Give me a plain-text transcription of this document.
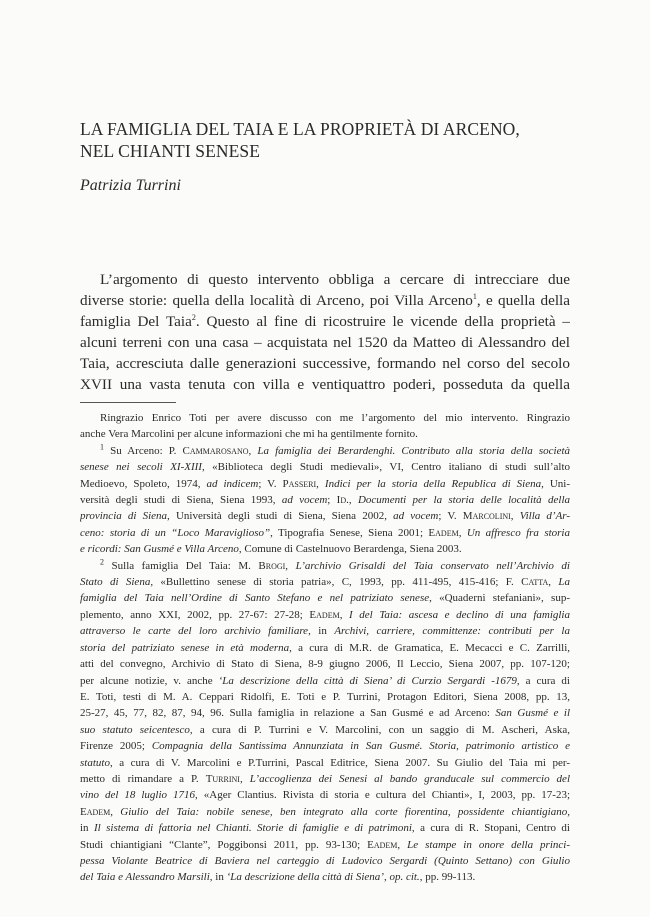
LA FAMIGLIA DEL TAIA E LA PROPRIETÀ DI ARCENO,
NEL CHIANTI SENESE
Patrizia Turrini
L’argomento di questo intervento obbliga a cercare di intrecciare due
diverse storie: quella della località di Arceno, poi Villa Arceno$^1$, e quella della
famiglia Del Taia$^2$. Questo al fine di ricostruire le vicende della proprietà –
alcuni terreni con una casa – acquistata nel 1520 da Matteo di Alessandro del
Taia, accresciuta dalle generazioni successive, formando nel corso del secolo
XVII una vasta tenuta con villa e ventiquattro poderi, posseduta da quella
Ringrazio Enrico Toti per avere discusso con me l’argomento del mio intervento. Ringrazio
anche Vera Marcolini per alcune informazioni che mi ha gentilmente fornito.
$^1$ Su Arceno: P. Cammarosano, La famiglia dei Berardenghi. Contributo alla storia della società
senese nei secoli XI-XIII, «Biblioteca degli Studi medievali», VI, Centro italiano di studi sull’alto
Medioevo, Spoleto, 1974, ad indicem; V. Passeri, Indici per la storia della Republica di Siena, Uni-
versità degli studi di Siena, Siena 1993, ad vocem; Id., Documenti per la storia delle località della
provincia di Siena, Università degli studi di Siena, Siena 2002, ad vocem; V. Marcolini, Villa d’Ar-
ceno: storia di un “Loco Maraviglioso”, Tipografia Senese, Siena 2001; Eadem, Un affresco fra storia
e ricordi: San Gusmé e Villa Arceno, Comune di Castelnuovo Berardenga, Siena 2003.
$^2$ Sulla famiglia Del Taia: M. Brogi, L’archivio Grisaldi del Taia conservato nell’Archivio di
Stato di Siena, «Bullettino senese di storia patria», C, 1993, pp. 411-495, 415-416; F. Catta, La
famiglia del Taia nell’Ordine di Santo Stefano e nel patriziato senese, «Quaderni stefaniani», sup-
plemento, anno XXI, 2002, pp. 27-67: 27-28; Eadem, I del Taia: ascesa e declino di una famiglia
attraverso le carte del loro archivio familiare, in Archivi, carriere, committenze: contributi per la
storia del patriziato senese in età moderna, a cura di M.R. de Gramatica, E. Mecacci e C. Zarrilli,
atti del convegno, Archivio di Stato di Siena, 8-9 giugno 2006, Il Leccio, Siena 2007, pp. 107-120;
per alcune notizie, v. anche ‘La descrizione della città di Siena’ di Curzio Sergardi -1679, a cura di
E. Toti, testi di M. A. Ceppari Ridolfi, E. Toti e P. Turrini, Protagon Editori, Siena 2008, pp. 13,
25-27, 45, 77, 82, 87, 94, 96. Sulla famiglia in relazione a San Gusmé e ad Arceno: San Gusmé e il
suo statuto seicentesco, a cura di P. Turrini e V. Marcolini, con un saggio di M. Ascheri, Aska,
Firenze 2005; Compagnia della Santissima Annunziata in San Gusmé. Storia, patrimonio artistico e
statuto, a cura di V. Marcolini e P.Turrini, Pascal Editrice, Siena 2007. Su Giulio del Taia mi per-
metto di rimandare a P. Turrini, L’accoglienza dei Senesi al bando granducale sul commercio del
vino del 18 luglio 1716, «Ager Clantius. Rivista di storia e cultura del Chianti», I, 2003, pp. 17-23;
Eadem, Giulio del Taia: nobile senese, ben integrato alla corte fiorentina, possidente chiantigiano,
in Il sistema di fattoria nel Chianti. Storie di famiglie e di patrimoni, a cura di R. Stopani, Centro di
Studi chiantigiani “Clante”, Poggibonsi 2011, pp. 93-130; Eadem, Le stampe in onore della princi-
pessa Violante Beatrice di Baviera nel carteggio di Ludovico Sergardi (Quinto Settano) con Giulio
del Taia e Alessandro Marsili, in ‘La descrizione della città di Siena’, op. cit., pp. 99-113.
